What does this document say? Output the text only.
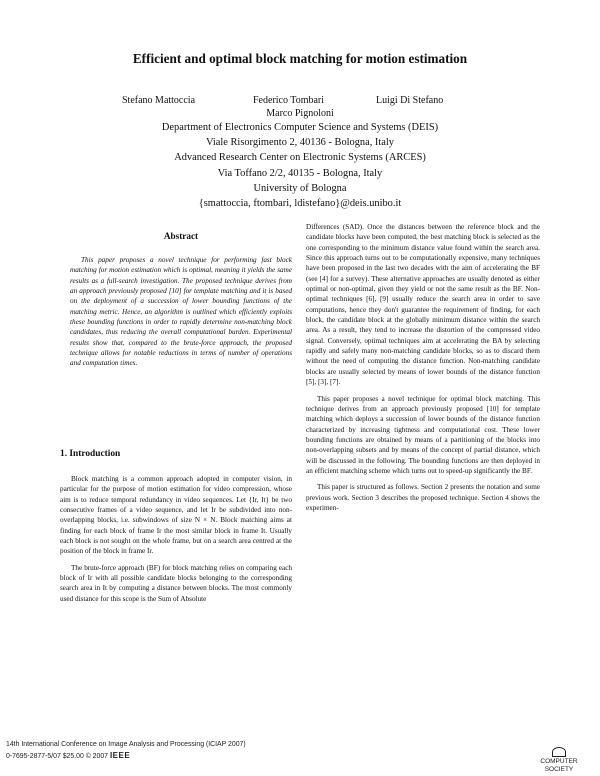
Efficient and optimal block matching for motion estimation
Stefano Mattoccia	Federico Tombari	Luigi Di Stefano
Marco Pignoloni
Department of Electronics Computer Science and Systems (DEIS)
Viale Risorgimento 2, 40136 - Bologna, Italy
Advanced Research Center on Electronic Systems (ARCES)
Via Toffano 2/2, 40135 - Bologna, Italy
University of Bologna
{smattoccia, ftombari, ldistefano}@deis.unibo.it
Abstract
This paper proposes a novel technique for performing fast block matching for motion estimation which is optimal, meaning it yields the same results as a full-search investigation. The proposed technique derives from an approach previously proposed [10] for template matching and it is based on the deployment of a succession of lower bounding functions of the matching metric. Hence, an algorithm is outlined which efficiently exploits these bounding functions in order to rapidly determine non-matching block candidates, thus reducing the overall computational burden. Experimental results show that, compared to the brute-force approach, the proposed technique allows for notable reductions in terms of number of operations and computation times.
1. Introduction

Block matching is a common approach adopted in computer vision, in particular for the purpose of motion estimation for video compression, whose aim is to reduce temporal redundancy in video sequences. Let {Ir, It} be two consecutive frames of a video sequence, and let Ir be subdivided into non-overlapping blocks, i.e. subwindows of size N × N. Block matching aims at finding for each block of frame Ir the most similar block in frame It. Usually each block is not sought on the whole frame, but on a search area centred at the position of the block in frame Ir.

The brute-force approach (BF) for block matching relies on comparing each block of Ir with all possible candidate blocks belonging to the corresponding search area in It by computing a distance between blocks. The most commonly used distance for this scope is the Sum of Absolute

Differences (SAD). Once the distances between the reference block and the candidate blocks have been computed, the best matching block is selected as the one corresponding to the minimum distance value found within the search area. Since this approach turns out to be computationally expensive, many techniques have been proposed in the last two decades with the aim of accelerating the BF (see [4] for a survey). These alternative approaches are usually denoted as either optimal or non-optimal, given they yield or not the same result as the BF. Non-optimal techniques [6], [9] usually reduce the search area in order to save computations, hence they don't guarantee the requirement of finding, for each block, the candidate block at the globally minimum distance within the search area. As a result, they tend to increase the distortion of the compressed video signal. Conversely, optimal techniques aim at accelerating the BA by selecting rapidly and safely many non-matching candidate blocks, so as to discard them without the need of computing the distance function. Non-matching candidate blocks are usually selected by means of lower bounds of the distance function [5], [3], [7].

This paper proposes a novel technique for optimal block matching. This technique derives from an approach previously proposed [10] for template matching which deploys a succession of lower bounds of the distance function characterized by increasing tightness and computational cost. These lower bounding functions are obtained by means of a partitioning of the blocks into non-overlapping subsets and by means of the concept of partial distance, which will be discussed in the following. The bounding functions are then deployed in an efficient matching scheme which turns out to speed-up significantly the BF.

This paper is structured as follows. Section 2 presents the notation and some previous work. Section 3 describes the proposed technique. Section 4 shows the experimen-

14th International Conference on Image Analysis and Processing (ICIAP 2007)
0-7695-2877-5/07 $25.00 © 2007 IEEE
COMPUTER
SOCIETY
